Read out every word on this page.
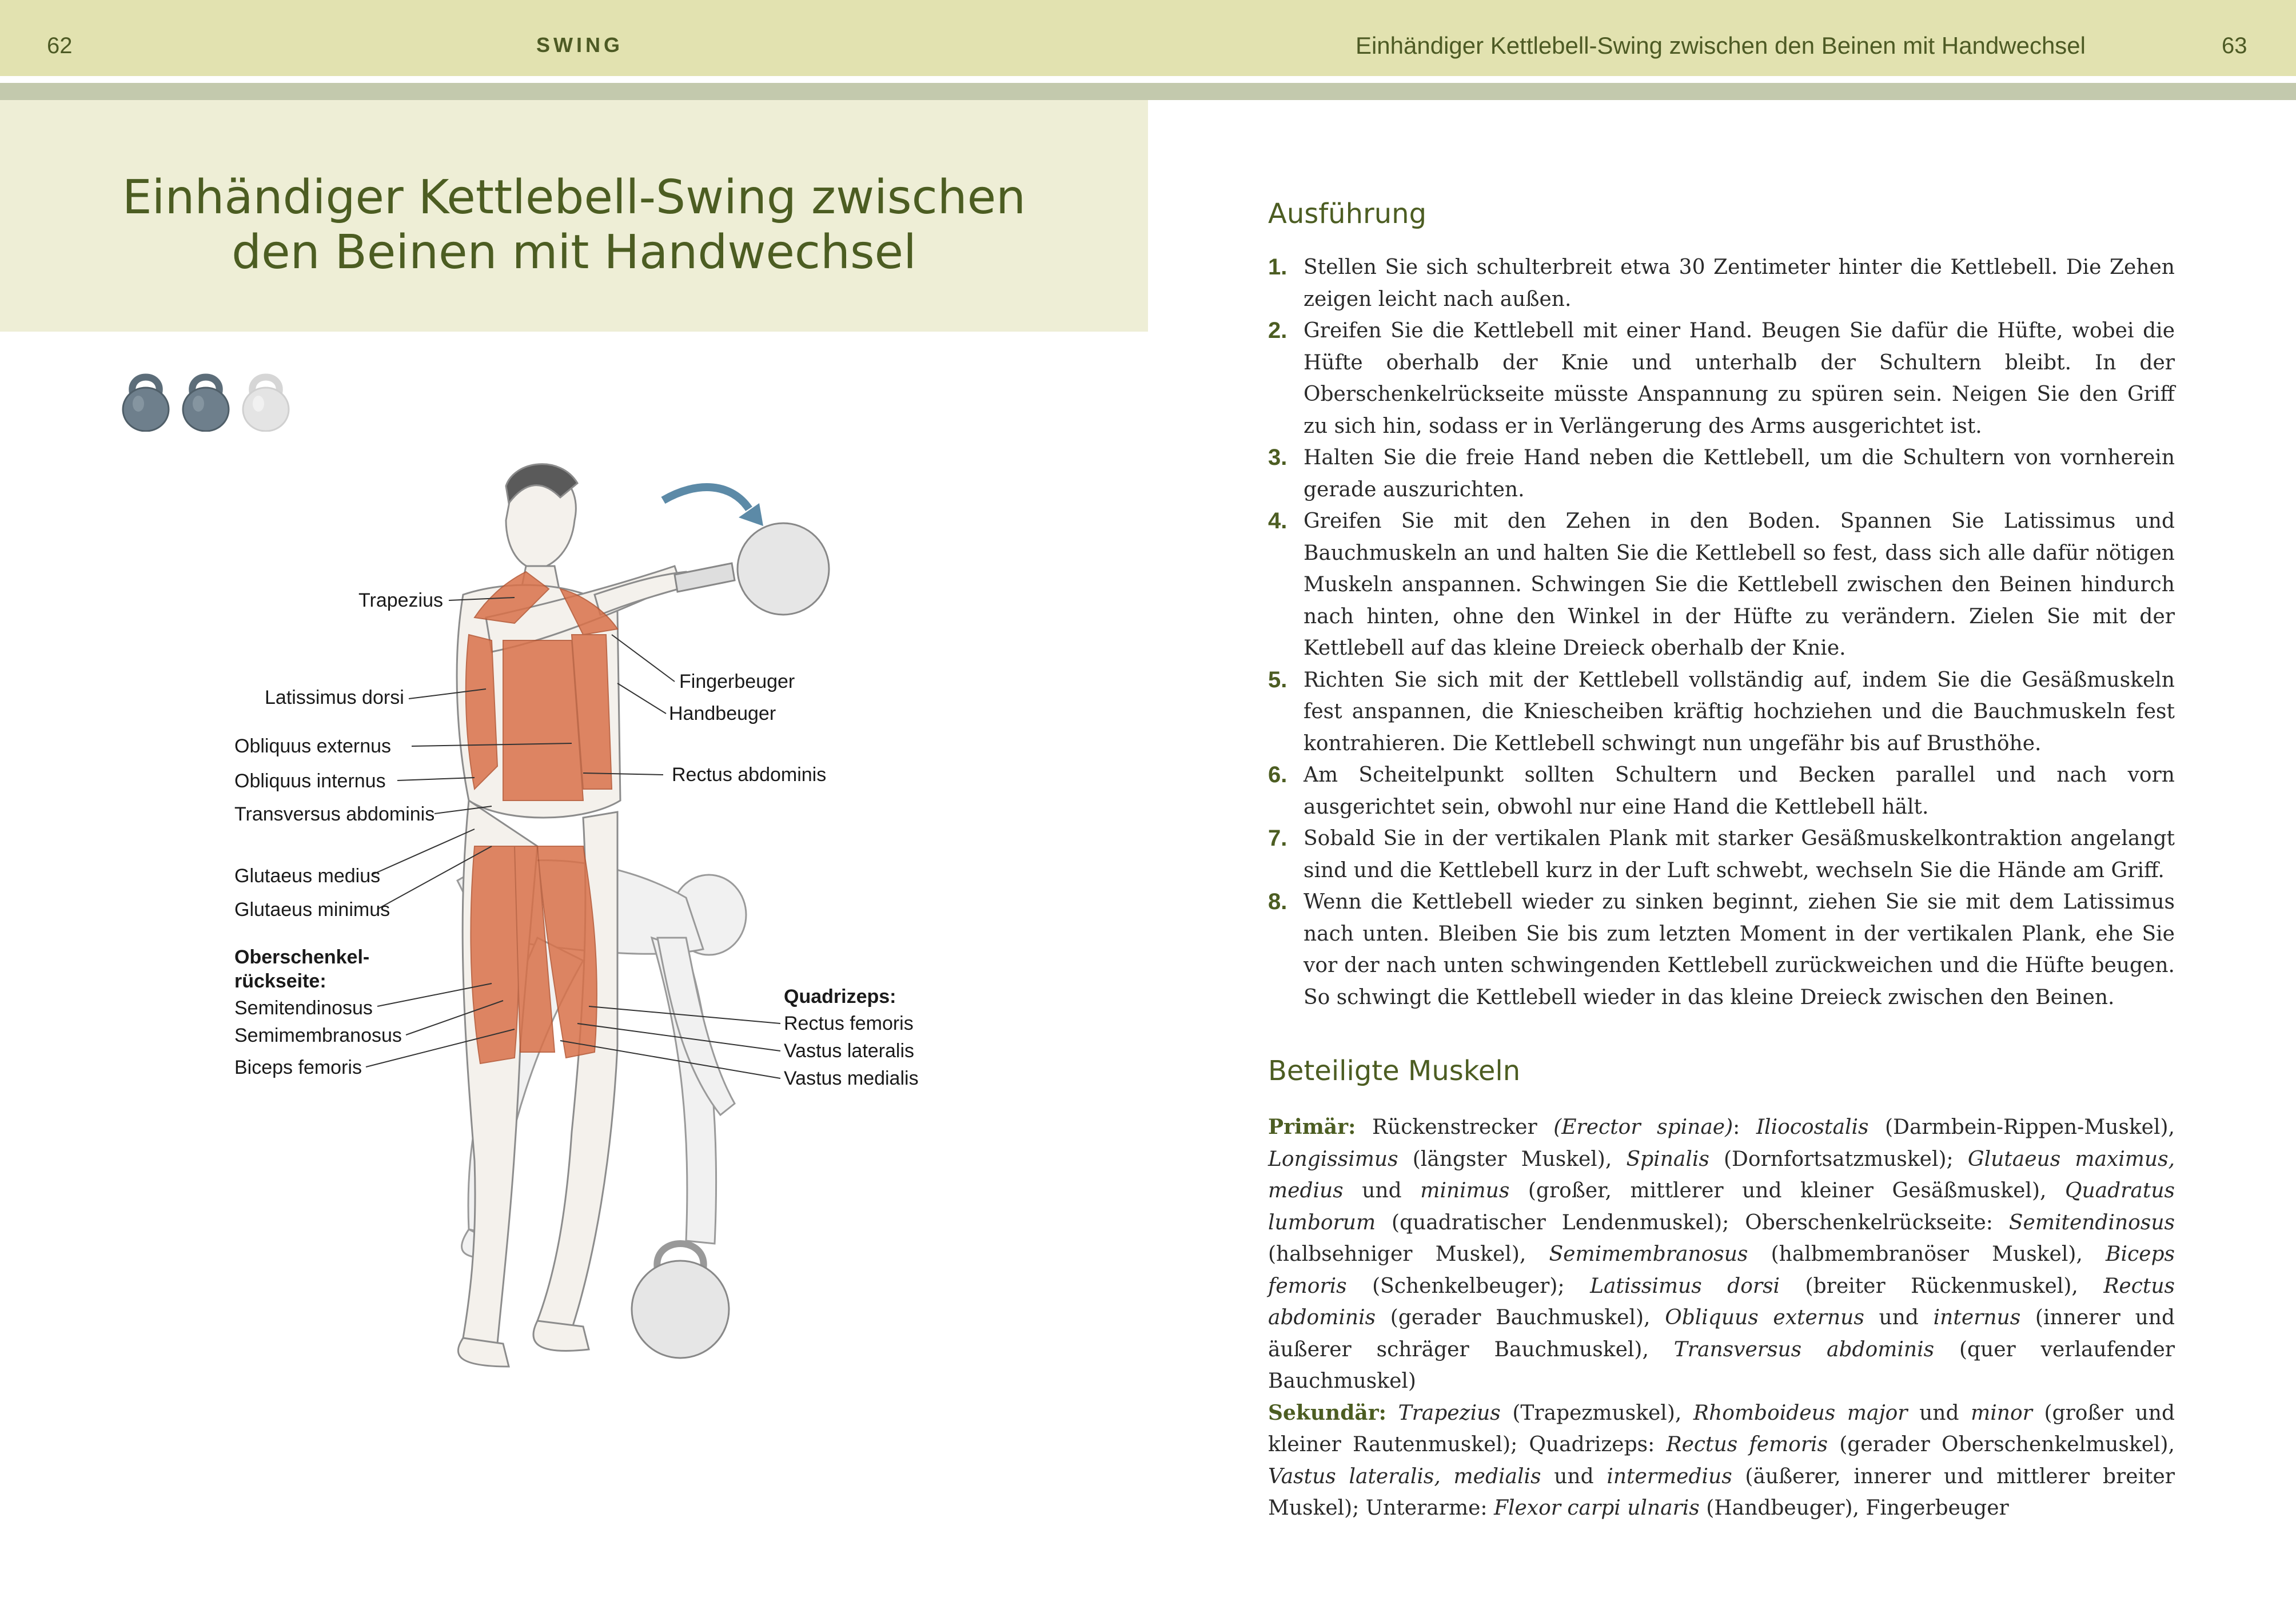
62	SWING	Einhändiger Kettlebell-Swing zwischen den Beinen mit Handwechsel	63
Einhändiger Kettlebell-Swing zwischen
den Beinen mit Handwechsel
Trapezius
Latissimus dorsi
Obliquus externus
Obliquus internus
Transversus abdominis
Glutaeus medius
Glutaeus minimus
Oberschenkel-
rückseite:
Semitendinosus
Semimembranosus
Biceps femoris
Fingerbeuger
Handbeuger
Rectus abdominis
Quadrizeps:
Rectus femoris
Vastus lateralis
Vastus medialis
Ausführung
1. Stellen Sie sich schulterbreit etwa 30 Zentimeter hinter die Kettlebell. Die Zehen zeigen leicht nach außen.
2. Greifen Sie die Kettlebell mit einer Hand. Beugen Sie dafür die Hüfte, wobei die Hüfte oberhalb der Knie und unterhalb der Schultern bleibt. In der Oberschenkelrückseite müsste Anspannung zu spüren sein. Neigen Sie den Griff zu sich hin, sodass er in Verlängerung des Arms ausgerichtet ist.
3. Halten Sie die freie Hand neben die Kettlebell, um die Schultern von vornherein gerade auszurichten.
4. Greifen Sie mit den Zehen in den Boden. Spannen Sie Latissimus und Bauchmuskeln an und halten Sie die Kettlebell so fest, dass sich alle dafür nötigen Muskeln anspannen. Schwingen Sie die Kettlebell zwischen den Beinen hindurch nach hinten, ohne den Winkel in der Hüfte zu verändern. Zielen Sie mit der Kettlebell auf das kleine Dreieck oberhalb der Knie.
5. Richten Sie sich mit der Kettlebell vollständig auf, indem Sie die Gesäßmuskeln fest anspannen, die Kniescheiben kräftig hochziehen und die Bauchmuskeln fest kontrahieren. Die Kettlebell schwingt nun ungefähr bis auf Brusthöhe.
6. Am Scheitelpunkt sollten Schultern und Becken parallel und nach vorn ausgerichtet sein, obwohl nur eine Hand die Kettlebell hält.
7. Sobald Sie in der vertikalen Plank mit starker Gesäßmuskelkontraktion angelangt sind und die Kettlebell kurz in der Luft schwebt, wechseln Sie die Hände am Griff.
8. Wenn die Kettlebell wieder zu sinken beginnt, ziehen Sie sie mit dem Latissimus nach unten. Bleiben Sie bis zum letzten Moment in der vertikalen Plank, ehe Sie vor der nach unten schwingenden Kettlebell zurückweichen und die Hüfte beugen. So schwingt die Kettlebell wieder in das kleine Dreieck zwischen den Beinen.
Beteiligte Muskeln

Primär: Rückenstrecker (Erector spinae): Iliocostalis (Darmbein-Rippen-Muskel), Longissimus (längster Muskel), Spinalis (Dornfortsatzmuskel); Glutaeus maximus, medius und minimus (großer, mittlerer und kleiner Gesäßmuskel), Quadratus lumborum (quadratischer Lendenmuskel); Oberschenkelrückseite: Semitendinosus (halbsehniger Muskel), Semimembranosus (halbmembranöser Muskel), Biceps femoris (Schenkelbeuger); Latissimus dorsi (breiter Rückenmuskel), Rectus abdominis (gerader Bauchmuskel), Obliquus externus und internus (innerer und äußerer schräger Bauchmuskel), Transversus abdominis (quer verlaufender Bauchmuskel)

Sekundär: Trapezius (Trapezmuskel), Rhomboideus major und minor (großer und kleiner Rautenmuskel); Quadrizeps: Rectus femoris (gerader Oberschenkelmuskel), Vastus lateralis, medialis und intermedius (äußerer, innerer und mittlerer breiter Muskel); Unterarme: Flexor carpi ulnaris (Handbeuger), Fingerbeuger
